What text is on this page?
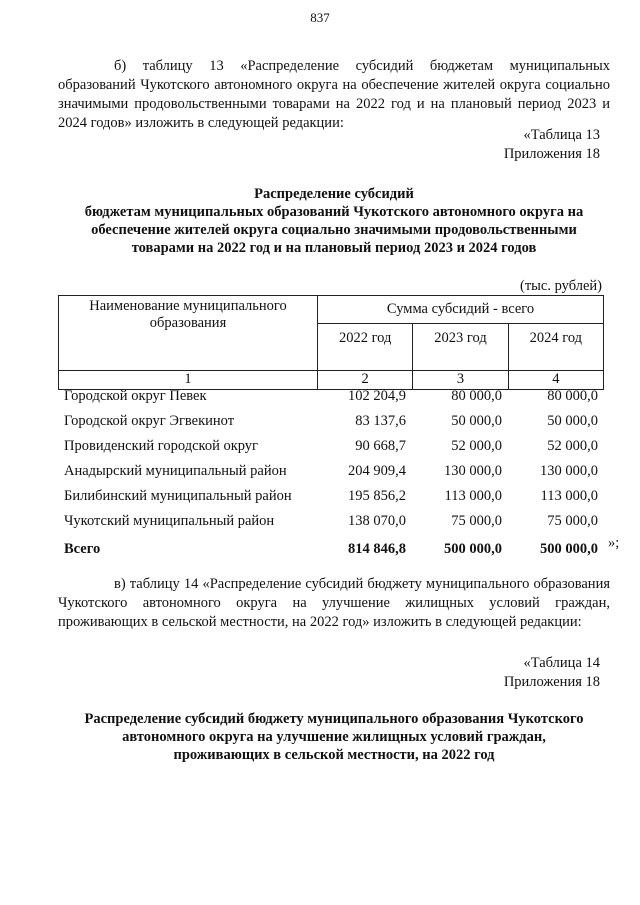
837

б) таблицу 13 «Распределение субсидий бюджетам муниципальных образований Чукотского автономного округа на обеспечение жителей округа социально значимыми продовольственными товарами на 2022 год и на плановый период 2023 и 2024 годов» изложить в следующей редакции:

«Таблица 13
Приложения 18
Распределение субсидий
бюджетам муниципальных образований Чукотского автономного округа на
обеспечение жителей округа социально значимыми продовольственными
товарами на 2022 год и на плановый период 2023 и 2024 годов
(тыс. рублей)
Наименование муниципального образования	Сумма субсидий - всего		
	2022 год	2023 год	2024 год
1	2	3	4
Городской округ Певек	102 204,9	80 000,0	80 000,0
Городской округ Эгвекинот	83 137,6	50 000,0	50 000,0
Провиденский городской округ	90 668,7	52 000,0	52 000,0
Анадырский муниципальный район	204 909,4	130 000,0	130 000,0
Билибинский муниципальный район	195 856,2	113 000,0	113 000,0
Чукотский муниципальный район	138 070,0	75 000,0	75 000,0
Всего	814 846,8	500 000,0	500 000,0 »;

в) таблицу 14 «Распределение субсидий бюджету муниципального образования Чукотского автономного округа на улучшение жилищных условий граждан, проживающих в сельской местности, на 2022 год» изложить в следующей редакции:

«Таблица 14
Приложения 18
Распределение субсидий бюджету муниципального образования Чукотского
автономного округа на улучшение жилищных условий граждан,
проживающих в сельской местности, на 2022 год
